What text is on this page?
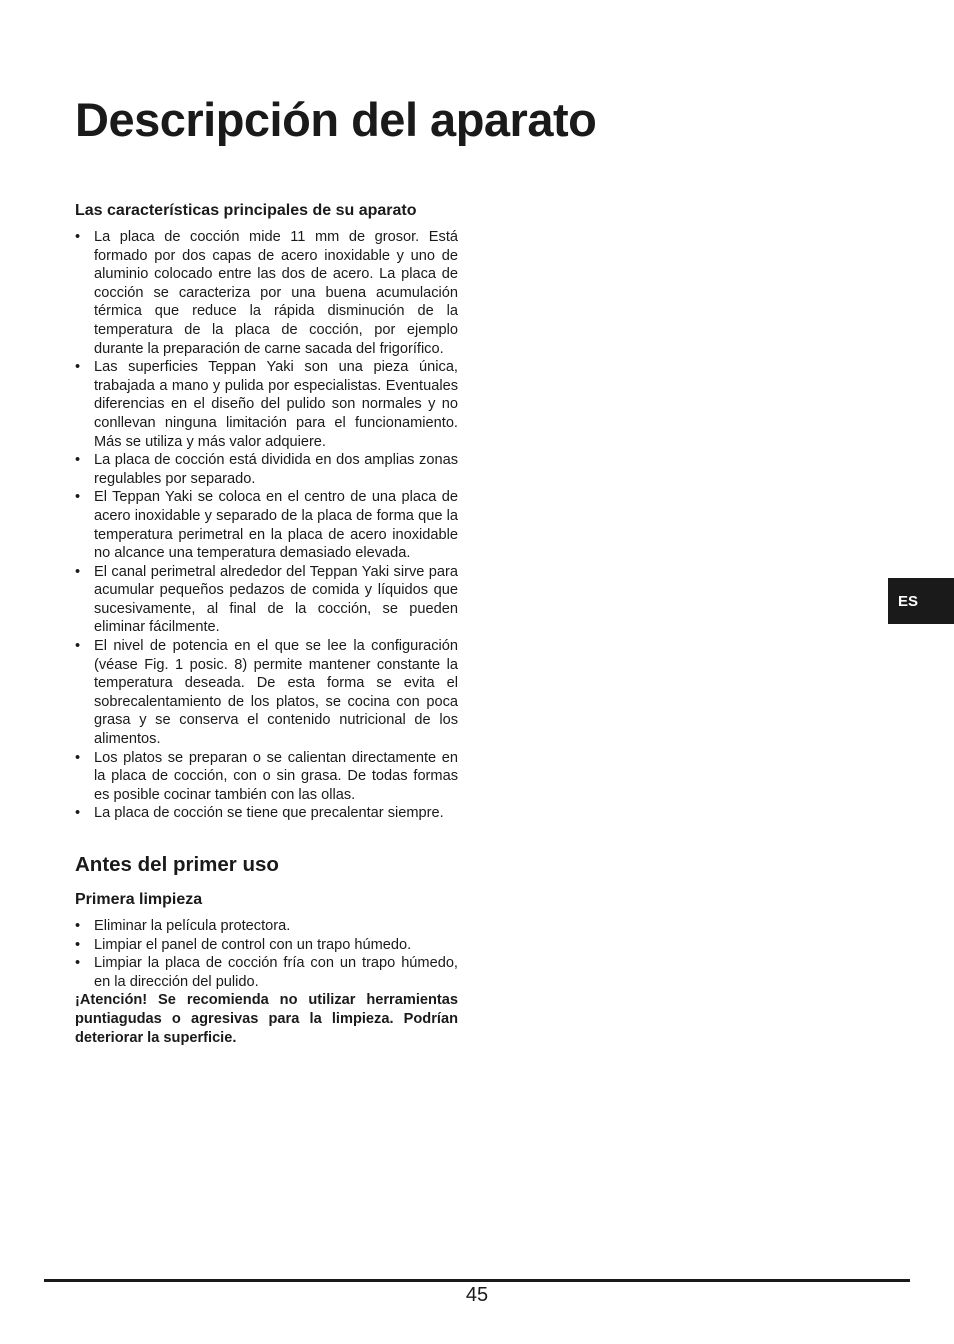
Descripción del aparato
Las características principales de su aparato
• La placa de cocción mide 11 mm de grosor. Está formado por dos capas de acero inoxidable y uno de aluminio colocado entre las dos de acero. La placa de cocción se caracteriza por una buena acumulación térmica que reduce la rápida disminución de la temperatura de la placa de cocción, por ejemplo durante la preparación de carne sacada del frigorífico.
• Las superficies Teppan Yaki son una pieza única, trabajada a mano y pulida por especialistas. Eventuales diferencias en el diseño del pulido son normales y no conllevan ninguna limitación para el funcionamiento. Más se utiliza y más valor adquiere.
• La placa de cocción está dividida en dos amplias zonas regulables por separado.
• El Teppan Yaki se coloca en el centro de una placa de acero inoxidable y separado de la placa de forma que la temperatura perimetral en la placa de acero inoxidable no alcance una temperatura demasiado elevada.
• El canal perimetral alrededor del Teppan Yaki sirve para acumular pequeños pedazos de comida y líquidos que sucesivamente, al final de la cocción, se pueden eliminar fácilmente.
• El nivel de potencia en el que se lee la configuración (véase Fig. 1 posic. 8) permite mantener constante la temperatura deseada. De esta forma se evita el sobrecalentamiento de los platos, se cocina con poca grasa y se conserva el contenido nutricional de los alimentos.
• Los platos se preparan o se calientan directamente en la placa de cocción, con o sin grasa. De todas formas es posible cocinar también con las ollas.
• La placa de cocción se tiene que precalentar siempre.
Antes del primer uso
Primera limpieza
• Eliminar la película protectora.
• Limpiar el panel de control con un trapo húmedo.
• Limpiar la placa de cocción fría con un trapo húmedo, en la dirección del pulido.

¡Atención! Se recomienda no utilizar herramientas puntiagudas o agresivas para la limpieza. Podrían deteriorar la superficie.

ES
45
